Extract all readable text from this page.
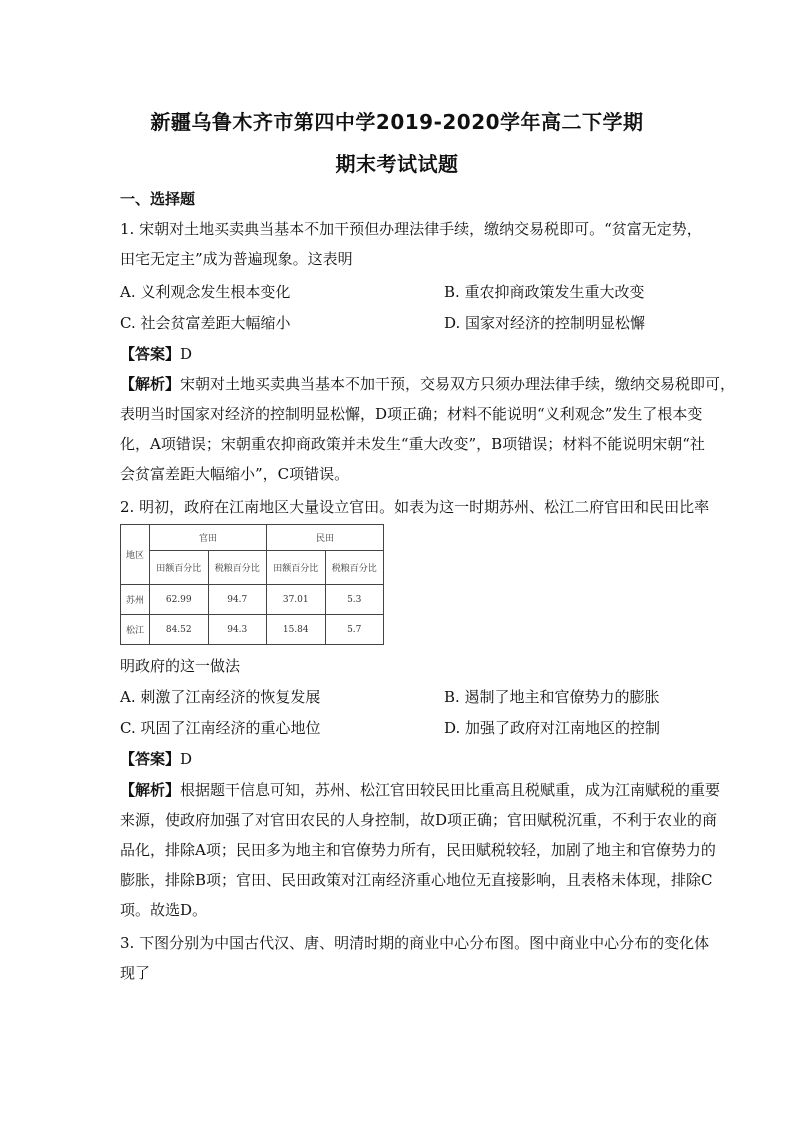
新疆乌鲁木齐市第四中学2019-2020学年高二下学期
期末考试试题
一、选择题
1. 宋朝对土地买卖典当基本不加干预但办理法律手续，缴纳交易税即可。“贫富无定势，
田宅无定主”成为普遍现象。这表明
A. 义利观念发生根本变化	B. 重农抑商政策发生重大改变
C. 社会贫富差距大幅缩小	D. 国家对经济的控制明显松懈
【答案】D
【解析】宋朝对土地买卖典当基本不加干预，交易双方只须办理法律手续，缴纳交易税即可，
表明当时国家对经济的控制明显松懈，D项正确；材料不能说明“义利观念”发生了根本变
化，A项错误；宋朝重农抑商政策并未发生“重大改变”，B项错误；材料不能说明宋朝“社
会贫富差距大幅缩小”，C项错误。
2. 明初，政府在江南地区大量设立官田。如表为这一时期苏州、松江二府官田和民田比率
地区	官田		民田	
	田额百分比	税粮百分比	田额百分比	税粮百分比
苏州	62.99	94.7	37.01	5.3
松江	84.52	94.3	15.84	5.7
明政府的这一做法
A. 刺激了江南经济的恢复发展	B. 遏制了地主和官僚势力的膨胀
C. 巩固了江南经济的重心地位	D. 加强了政府对江南地区的控制
【答案】D
【解析】根据题干信息可知，苏州、松江官田较民田比重高且税赋重，成为江南赋税的重要
来源，使政府加强了对官田农民的人身控制，故D项正确；官田赋税沉重，不利于农业的商
品化，排除A项；民田多为地主和官僚势力所有，民田赋税较轻，加剧了地主和官僚势力的
膨胀，排除B项；官田、民田政策对江南经济重心地位无直接影响，且表格未体现，排除C
项。故选D。
3. 下图分别为中国古代汉、唐、明清时期的商业中心分布图。图中商业中心分布的变化体
现了
